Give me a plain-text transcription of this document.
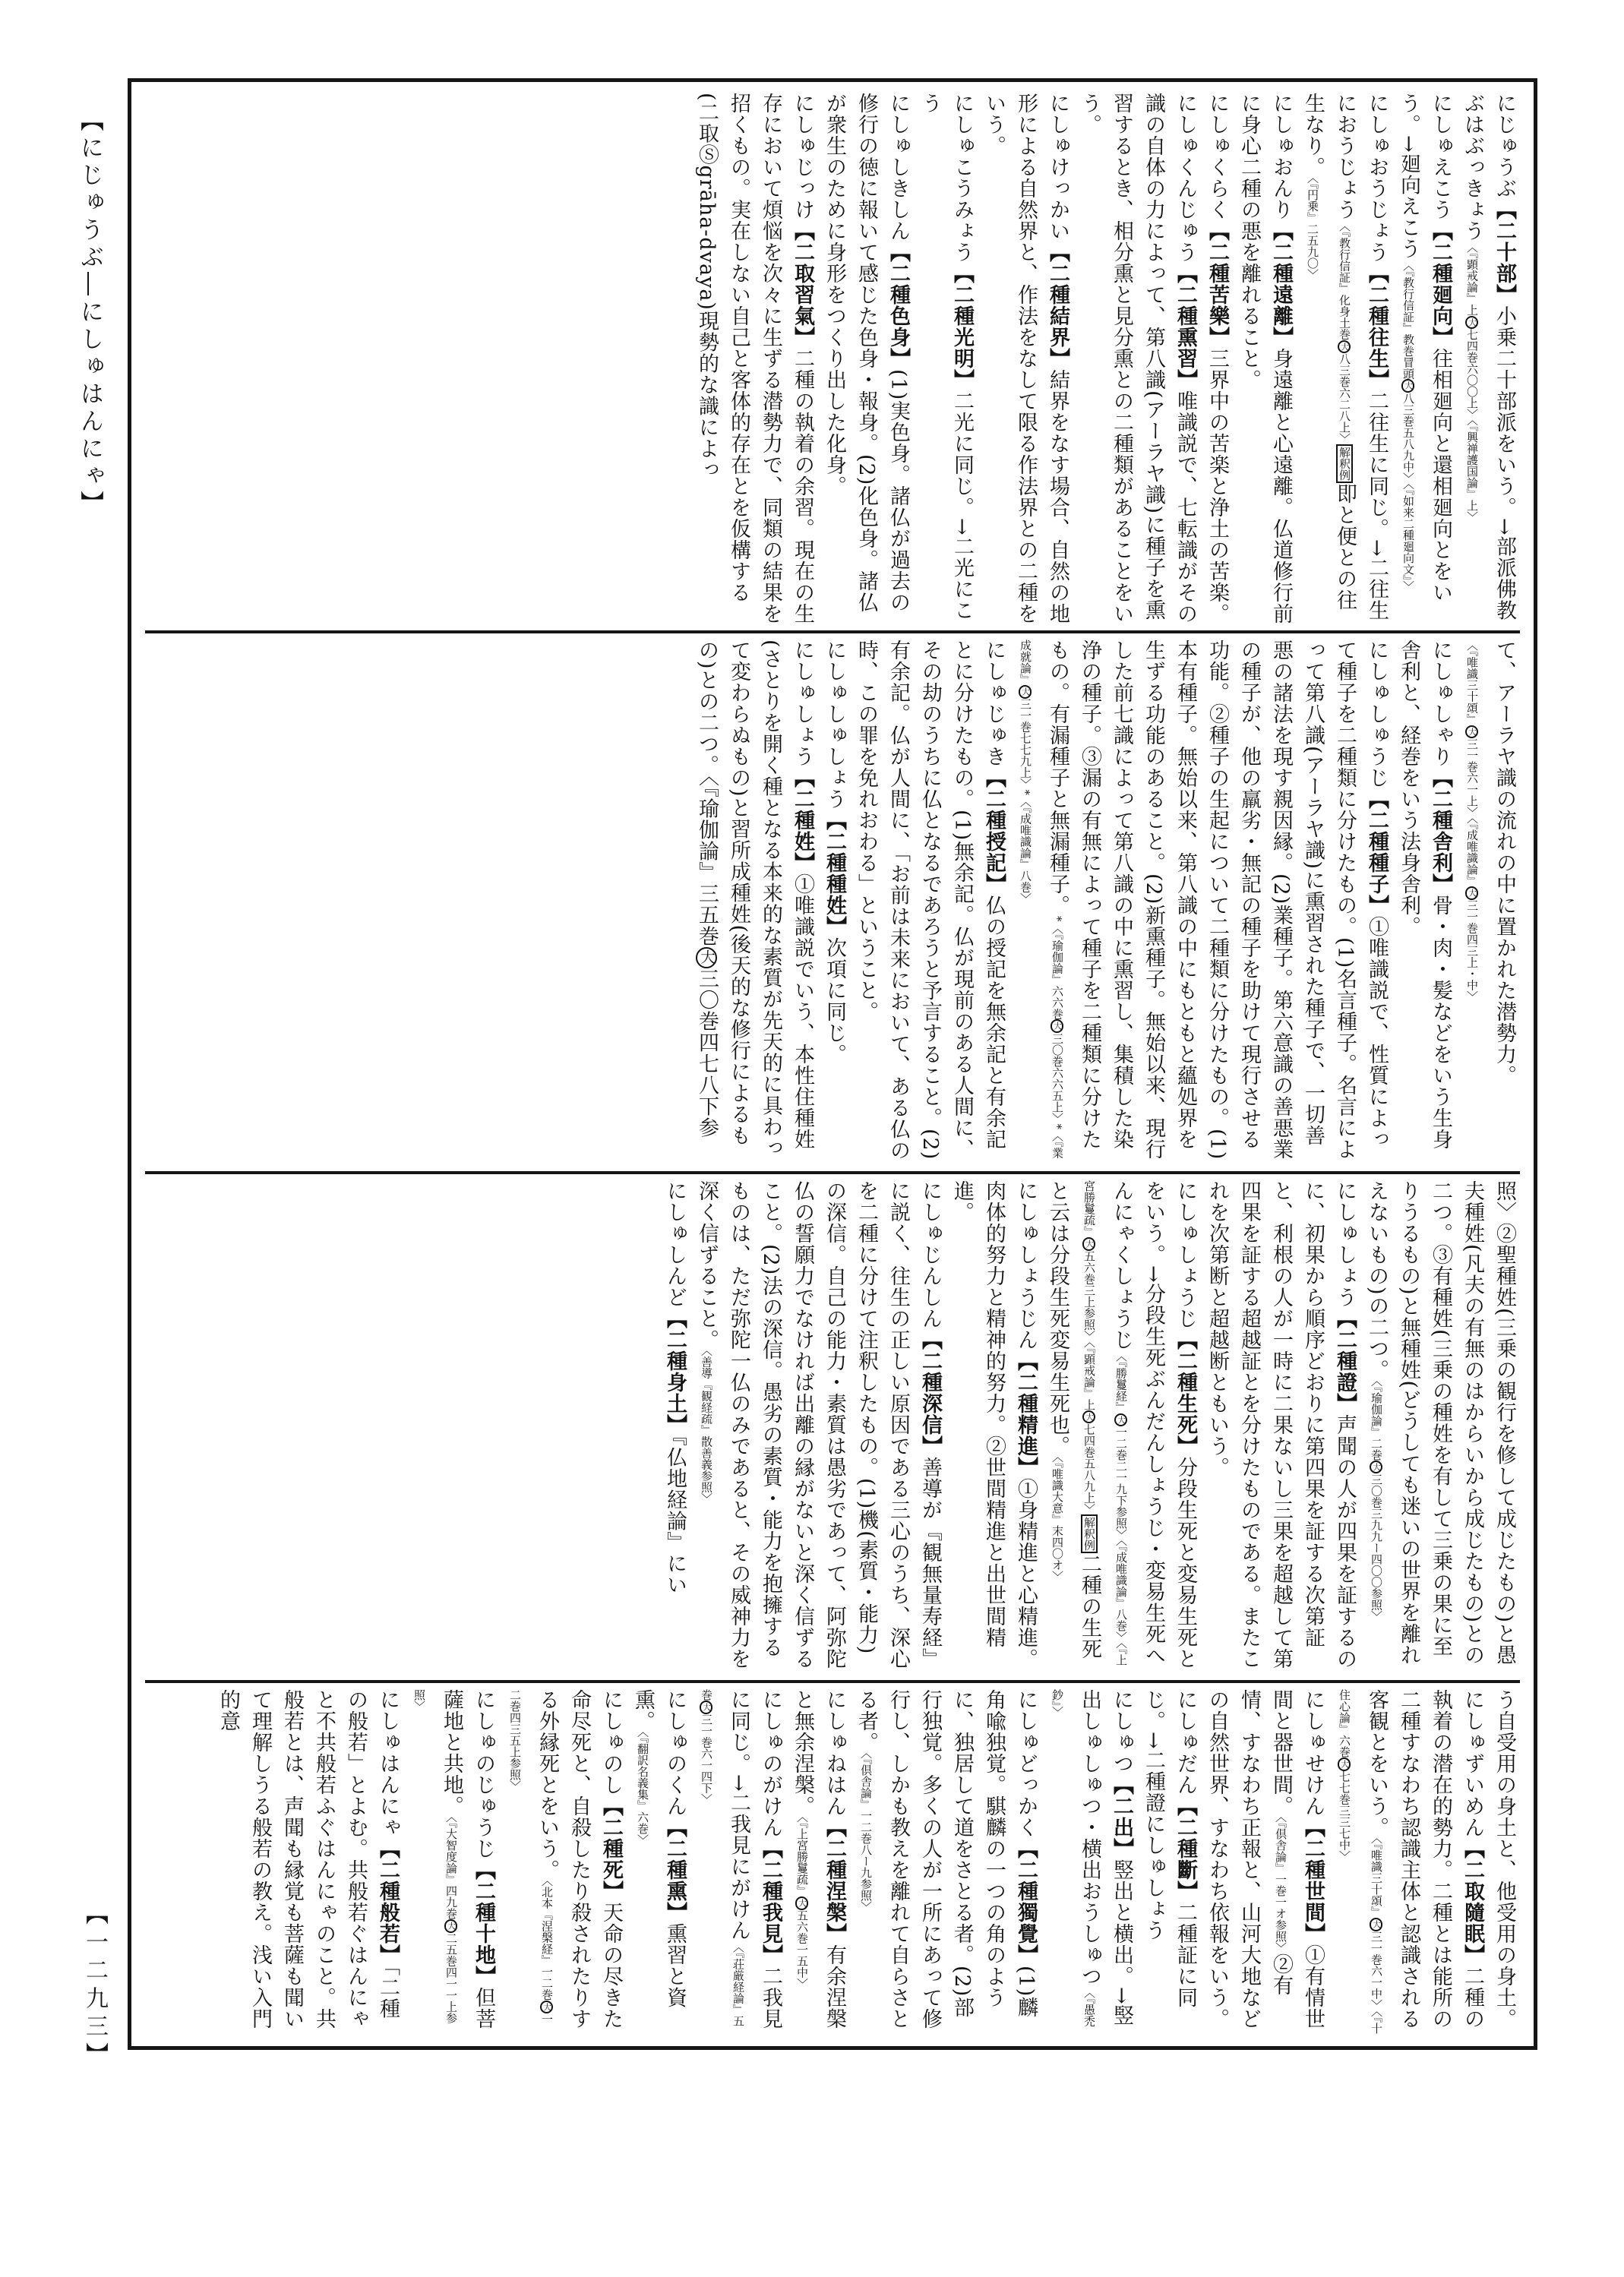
【にじゅうぶ―にしゅはんにゃ】
【一二九三】
にじゅうぶ【二十部】小乗二十部派をいう。→部派佛教ぶはぶっきょう〈『顕戒論』上大七四巻六〇〇上〉〈『興禅護国論』上〉
にしゅえこう【二種廻向】往相廻向と還相廻向とをいう。→廻向えこう〈『教行信証』教巻冒頭大八三巻五八九中〉〈『如来二種廻向文』〉
にしゅおうじょう【二種往生】二往生に同じ。→二往生におうじょう〈『教行信証』化身土巻大八三巻六二八上〉解釈例即と便との往生なり。〈『円乗』二五九〇〉
にしゅおんり【二種遠離】身遠離と心遠離。仏道修行前に身心二種の悪を離れること。
にしゅくらく【二種苦樂】三界中の苦楽と浄土の苦楽。
にしゅくんじゅう【二種熏習】唯識説で、七転識がその識の自体の力によって、第八識(アーラヤ識)に種子を熏習するとき、相分熏と見分熏との二種類があることをいう。
にしゅけっかい【二種結界】結界をなす場合、自然の地形による自然界と、作法をなして限る作法界との二種をいう。
にしゅこうみょう【二種光明】二光に同じ。→二光にこう
にしゅしきしん【二種色身】(1)実色身。諸仏が過去の修行の徳に報いて感じた色身・報身。(2)化色身。諸仏が衆生のために身形をつくり出した化身。
にしゅじっけ【二取習氣】二種の執着の余習。現在の生存において煩悩を次々に生ずる潜勢力で、同類の結果を招くもの。実在しない自己と客体的存在とを仮構する(二取Ⓢgrāha-dvaya)現勢的な識によっ
て、アーラヤ識の流れの中に置かれた潜勢力。〈『唯識三十頌』大三一巻六一上〉〈『成唯識論』大三一巻四三上・中〉
にしゅしゃり【二種舎利】骨・肉・髪などをいう生身舎利と、経巻をいう法身舎利。
にしゅしゅうじ【二種種子】①唯識説で、性質によって種子を二種類に分けたもの。(1)名言種子。名言によって第八識(アーラヤ識)に熏習された種子で、一切善悪の諸法を現す親因縁。(2)業種子。第六意識の善悪業の種子が、他の羸劣・無記の種子を助けて現行させる功能。②種子の生起について二種類に分けたもの。(1)本有種子。無始以来、第八識の中にもともと蘊処界を生ずる功能のあること。(2)新熏種子。無始以来、現行した前七識によって第八識の中に熏習し、集積した染浄の種子。③漏の有無によって種子を二種類に分けたもの。有漏種子と無漏種子。*〈『瑜伽論』六六巻大三〇巻六六五上〉*〈『業成就論』大三一巻七七九上〉*〈『成唯識論』八巻〉
にしゅじゅき【二種授記】仏の授記を無余記と有余記とに分けたもの。(1)無余記。仏が現前のある人間に、その劫のうちに仏となるであろうと予言すること。(2)有余記。仏が人間に、「お前は未来において、ある仏の時、この罪を免れおわる」ということ。
にしゅしゅしょう【二種種姓】次項に同じ。
にしゅしょう【二種姓】①唯識説でいう、本性住種姓(さとりを開く種となる本来的な素質が先天的に具わって変わらぬもの)と習所成種姓(後天的な修行によるもの)との二つ。〈『瑜伽論』三五巻大三〇巻四七八下参
照〉②聖種姓(三乗の観行を修して成じたもの)と愚夫種姓(凡夫の有無のはからいから成じたもの)との二つ。③有種姓(三乗の種姓を有して三乗の果に至りうるもの)と無種姓(どうしても迷いの世界を離れえないもの)の二つ。〈『瑜伽論』二巻大三〇巻三九九ー四〇〇参照〉
にしゅしょう【二種證】声聞の人が四果を証するのに、初果から順序どおりに第四果を証する次第証と、利根の人が一時に二果ないし三果を超越して第四果を証する超越証とを分けたものである。またこれを次第断と超越断ともいう。
にしゅしょうじ【二種生死】分段生死と変易生死とをいう。→分段生死ぶんだんしょうじ・変易生死へんにゃくしょうじ〈『勝鬘経』大一二巻二一九下参照〉〈『成唯識論』八巻〉〈『上宮勝鬘疏』大五六巻三上参照〉〈『顕戒論』上大七四巻五八九上〉解釈例二種の生死と云は分段生死変易生死也。〈『唯識大意』末四〇オ〉
にしゅしょうじん【二種精進】①身精進と心精進。肉体的努力と精神的努力。②世間精進と出世間精進。
にしゅじんしん【二種深信】善導が『観無量寿経』に説く、往生の正しい原因である三心のうち、深心を二種に分けて注釈したもの。(1)機(素質・能力)の深信。自己の能力・素質は愚劣であって、阿弥陀仏の誓願力でなければ出離の縁がないと深く信ずること。(2)法の深信。愚劣の素質・能力を抱擁するものは、ただ弥陀一仏のみであると、その威神力を深く信ずること。〈善導『観経疏』散善義参照〉
にしゅしんど【二種身土】『仏地経論』にい
う自受用の身土と、他受用の身土。
にしゅずいめん【二取隨眠】二種の執着の潜在的勢力。二種とは能所の二種すなわち認識主体と認識される客観とをいう。〈『唯識三十頌』大三一巻六一中〉〈『十住心論』六巻大七七巻三三七中〉
にしゅせけん【二種世間】①有情世間と器世間。〈『倶舎論』一巻一オ参照〉②有情、すなわち正報と、山河大地などの自然世界、すなわち依報をいう。
にしゅだん【二種斷】二種証に同じ。→二種證にしゅしょう
にしゅつ【二出】竪出と横出。→竪出しゅしゅつ・横出おうしゅつ〈『愚禿鈔』〉
にしゅどっかく【二種獨覺】(1)麟角喩独覚。騏麟の一つの角のように、独居して道をさとる者。(2)部行独覚。多くの人が一所にあって修行し、しかも教えを離れて自らさとる者。〈『倶舎論』一二巻八ー九参照〉
にしゅねはん【二種涅槃】有余涅槃と無余涅槃。〈『上宮勝鬘疏』大五六巻一五中〉
にしゅのがけん【二種我見】二我見に同じ。→二我見にがけん〈『荘厳経論』五巻大三一巻六一四下〉
にしゅのくん【二種熏】熏習と資熏。〈『翻訳名義集』六巻〉
にしゅのし【二種死】天命の尽きた命尽死と、自殺したり殺されたりする外縁死とをいう。〈北本『涅槃経』一二巻大一二巻四三五上参照〉
にしゅのじゅうじ【二種十地】但菩薩地と共地。〈『大智度論』四九巻大二五巻四一一上参照〉
にしゅはんにゃ【二種般若】「二種の般若」とよむ。共般若ぐはんにゃと不共般若ふぐはんにゃのこと。共般若とは、声聞も縁覚も菩薩も聞いて理解しうる般若の教え。浅い入門的意
